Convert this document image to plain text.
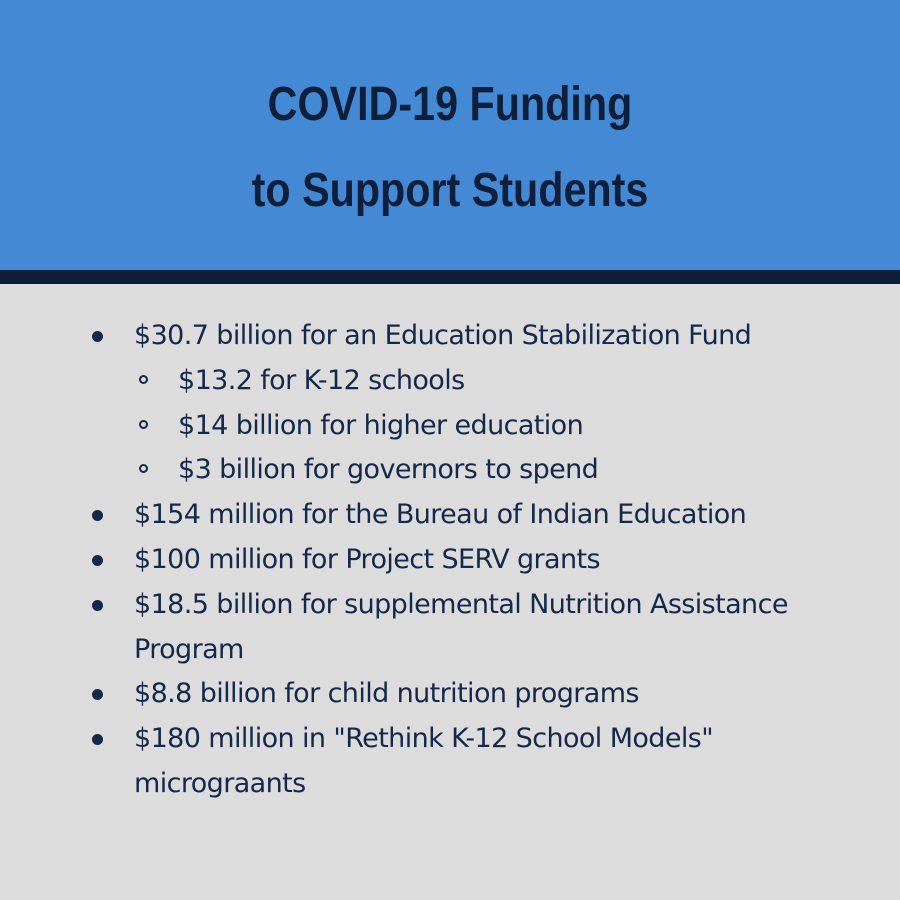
COVID-19 Funding
to Support Students
$30.7 billion for an Education Stabilization Fund
$13.2 for K-12 schools
$14 billion for higher education
$3 billion for governors to spend
$154 million for the Bureau of Indian Education
$100 million for Project SERV grants
$18.5 billion for supplemental Nutrition Assistance Program
$8.8 billion for child nutrition programs
$180 million in "Rethink K-12 School Models" micrograants
